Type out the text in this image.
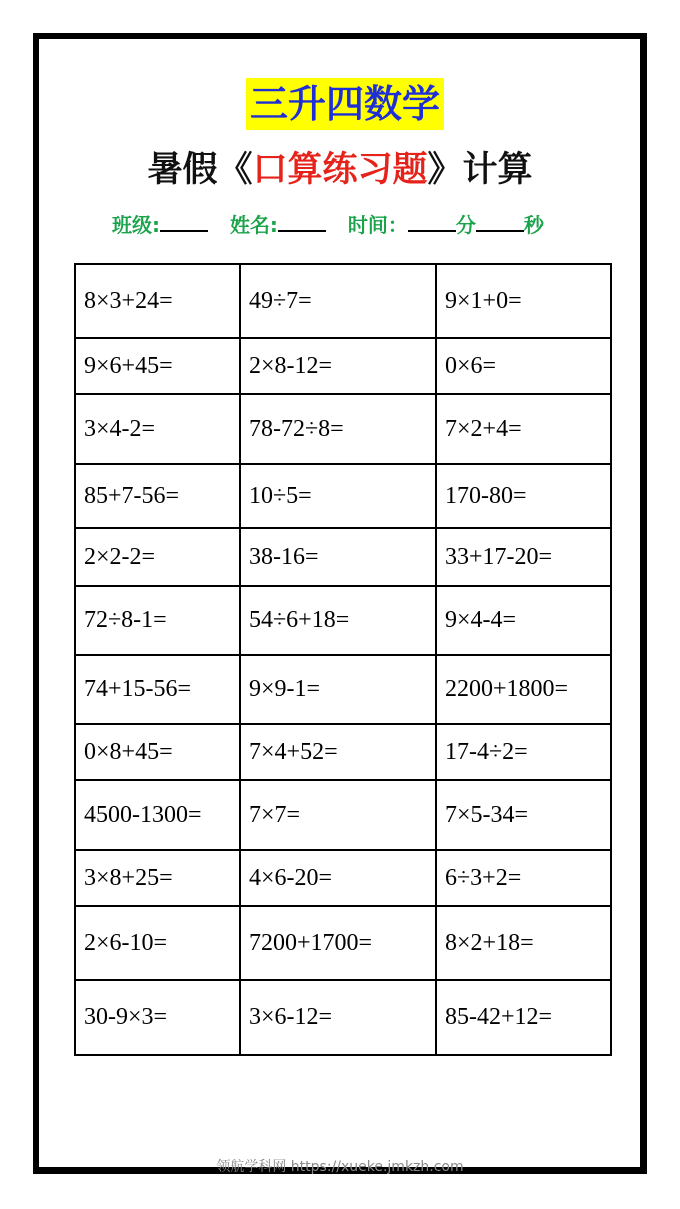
三升四数学
暑假《口算练习题》计算
班级:	姓名:	时间： 分 秒
8×3+24=	49÷7=	9×1+0=
9×6+45=	2×8-12=	0×6=
3×4-2=	78-72÷8=	7×2+4=
85+7-56=	10÷5=	170-80=
2×2-2=	38-16=	33+17-20=
72÷8-1=	54÷6+18=	9×4-4=
74+15-56=	9×9-1=	2200+1800=
0×8+45=	7×4+52=	17-4÷2=
4500-1300=	7×7=	7×5-34=
3×8+25=	4×6-20=	6÷3+2=
2×6-10=	7200+1700=	8×2+18=
30-9×3=	3×6-12=	85-42+12=
领航学科网 https://xueke.jmkzh.com
